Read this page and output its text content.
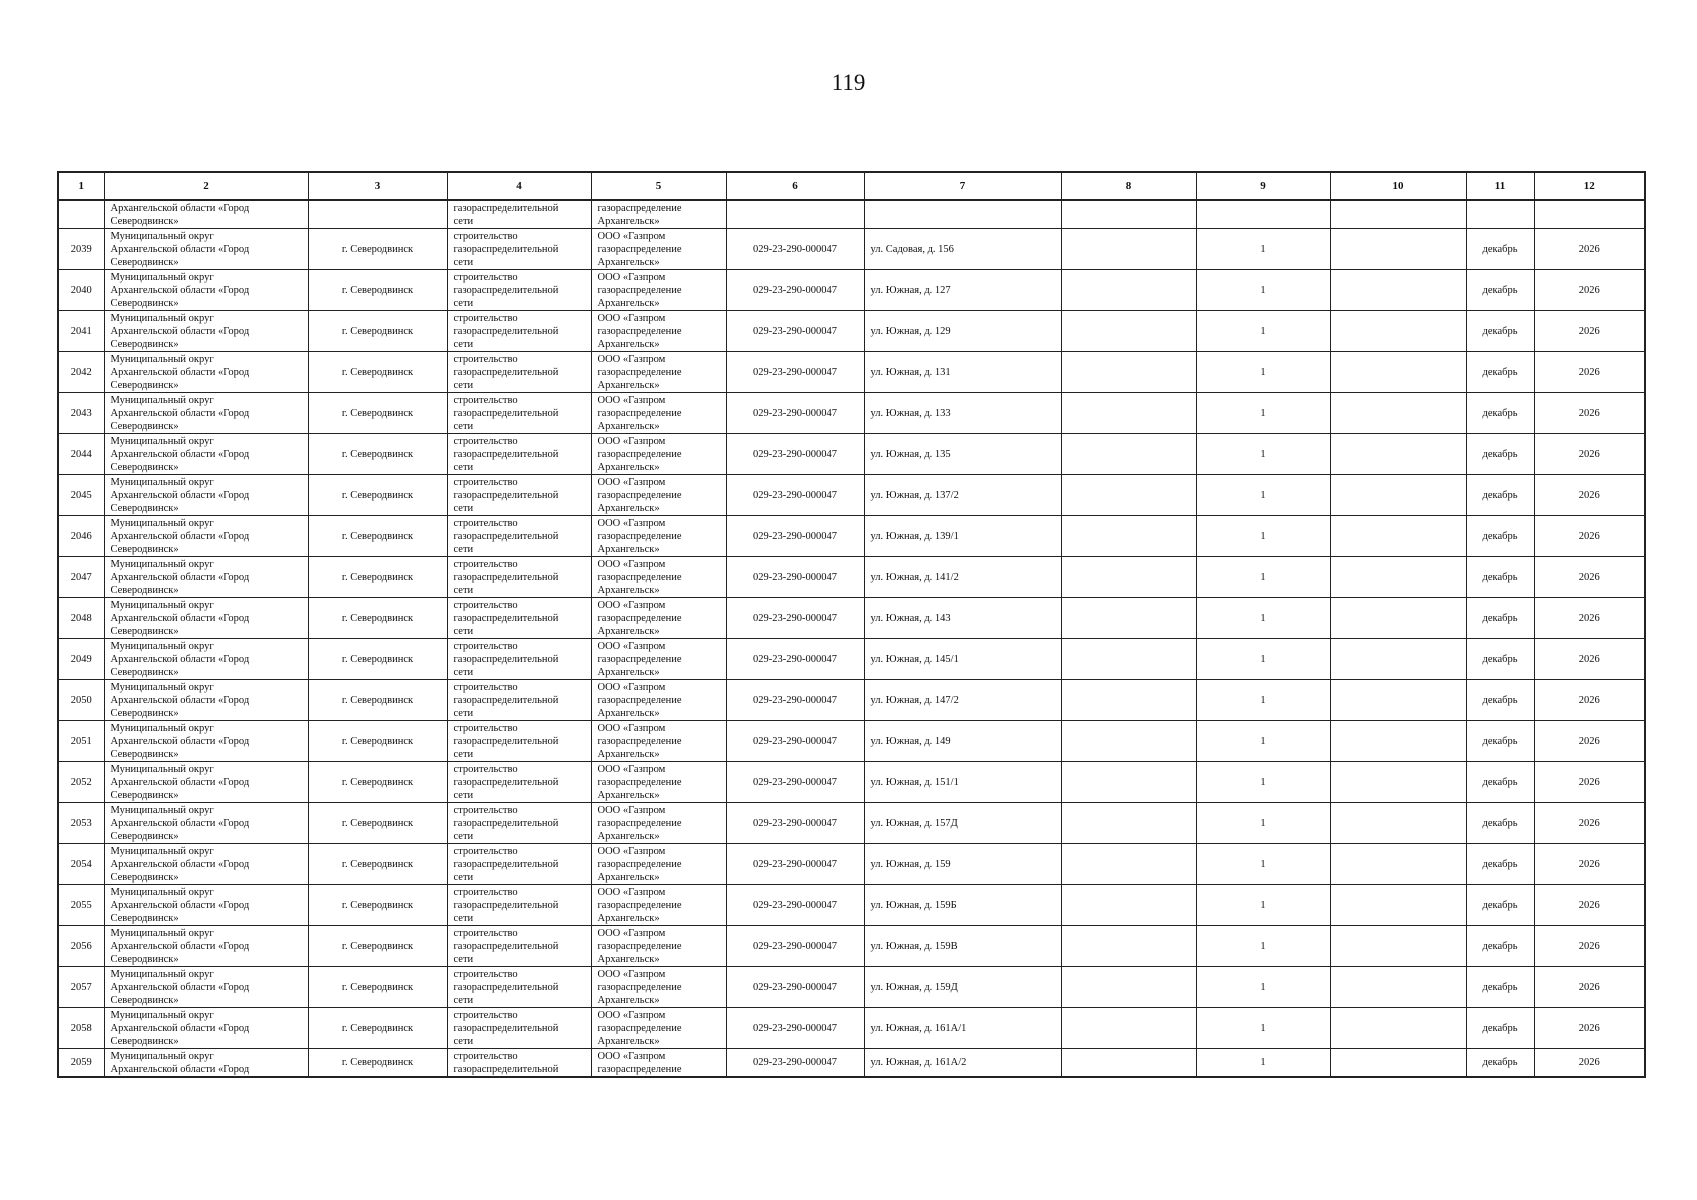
119
1	2	3	4	5	6	7	8	9	10	11	12

	Архангельской области «Город
Северодвинск»		газораспределительной
сети	газораспределение
Архангельск»							

2039	Муниципальный округ
Архангельской области «Город
Северодвинск»	г. Северодвинск	строительство
газораспределительной
сети	ООО «Газпром
газораспределение
Архангельск»	029-23-290-000047	ул. Садовая, д. 156		1		декабрь	2026
2040	Муниципальный округ
Архангельской области «Город
Северодвинск»	г. Северодвинск	строительство
газораспределительной
сети	ООО «Газпром
газораспределение
Архангельск»	029-23-290-000047	ул. Южная, д. 127		1		декабрь	2026
2041	Муниципальный округ
Архангельской области «Город
Северодвинск»	г. Северодвинск	строительство
газораспределительной
сети	ООО «Газпром
газораспределение
Архангельск»	029-23-290-000047	ул. Южная, д. 129		1		декабрь	2026
2042	Муниципальный округ
Архангельской области «Город
Северодвинск»	г. Северодвинск	строительство
газораспределительной
сети	ООО «Газпром
газораспределение
Архангельск»	029-23-290-000047	ул. Южная, д. 131		1		декабрь	2026
2043	Муниципальный округ
Архангельской области «Город
Северодвинск»	г. Северодвинск	строительство
газораспределительной
сети	ООО «Газпром
газораспределение
Архангельск»	029-23-290-000047	ул. Южная, д. 133		1		декабрь	2026
2044	Муниципальный округ
Архангельской области «Город
Северодвинск»	г. Северодвинск	строительство
газораспределительной
сети	ООО «Газпром
газораспределение
Архангельск»	029-23-290-000047	ул. Южная, д. 135		1		декабрь	2026
2045	Муниципальный округ
Архангельской области «Город
Северодвинск»	г. Северодвинск	строительство
газораспределительной
сети	ООО «Газпром
газораспределение
Архангельск»	029-23-290-000047	ул. Южная, д. 137/2		1		декабрь	2026
2046	Муниципальный округ
Архангельской области «Город
Северодвинск»	г. Северодвинск	строительство
газораспределительной
сети	ООО «Газпром
газораспределение
Архангельск»	029-23-290-000047	ул. Южная, д. 139/1		1		декабрь	2026
2047	Муниципальный округ
Архангельской области «Город
Северодвинск»	г. Северодвинск	строительство
газораспределительной
сети	ООО «Газпром
газораспределение
Архангельск»	029-23-290-000047	ул. Южная, д. 141/2		1		декабрь	2026
2048	Муниципальный округ
Архангельской области «Город
Северодвинск»	г. Северодвинск	строительство
газораспределительной
сети	ООО «Газпром
газораспределение
Архангельск»	029-23-290-000047	ул. Южная, д. 143		1		декабрь	2026
2049	Муниципальный округ
Архангельской области «Город
Северодвинск»	г. Северодвинск	строительство
газораспределительной
сети	ООО «Газпром
газораспределение
Архангельск»	029-23-290-000047	ул. Южная, д. 145/1		1		декабрь	2026
2050	Муниципальный округ
Архангельской области «Город
Северодвинск»	г. Северодвинск	строительство
газораспределительной
сети	ООО «Газпром
газораспределение
Архангельск»	029-23-290-000047	ул. Южная, д. 147/2		1		декабрь	2026
2051	Муниципальный округ
Архангельской области «Город
Северодвинск»	г. Северодвинск	строительство
газораспределительной
сети	ООО «Газпром
газораспределение
Архангельск»	029-23-290-000047	ул. Южная, д. 149		1		декабрь	2026
2052	Муниципальный округ
Архангельской области «Город
Северодвинск»	г. Северодвинск	строительство
газораспределительной
сети	ООО «Газпром
газораспределение
Архангельск»	029-23-290-000047	ул. Южная, д. 151/1		1		декабрь	2026
2053	Муниципальный округ
Архангельской области «Город
Северодвинск»	г. Северодвинск	строительство
газораспределительной
сети	ООО «Газпром
газораспределение
Архангельск»	029-23-290-000047	ул. Южная, д. 157Д		1		декабрь	2026
2054	Муниципальный округ
Архангельской области «Город
Северодвинск»	г. Северодвинск	строительство
газораспределительной
сети	ООО «Газпром
газораспределение
Архангельск»	029-23-290-000047	ул. Южная, д. 159		1		декабрь	2026
2055	Муниципальный округ
Архангельской области «Город
Северодвинск»	г. Северодвинск	строительство
газораспределительной
сети	ООО «Газпром
газораспределение
Архангельск»	029-23-290-000047	ул. Южная, д. 159Б		1		декабрь	2026
2056	Муниципальный округ
Архангельской области «Город
Северодвинск»	г. Северодвинск	строительство
газораспределительной
сети	ООО «Газпром
газораспределение
Архангельск»	029-23-290-000047	ул. Южная, д. 159В		1		декабрь	2026
2057	Муниципальный округ
Архангельской области «Город
Северодвинск»	г. Северодвинск	строительство
газораспределительной
сети	ООО «Газпром
газораспределение
Архангельск»	029-23-290-000047	ул. Южная, д. 159Д		1		декабрь	2026
2058	Муниципальный округ
Архангельской области «Город
Северодвинск»	г. Северодвинск	строительство
газораспределительной
сети	ООО «Газпром
газораспределение
Архангельск»	029-23-290-000047	ул. Южная, д. 161А/1		1		декабрь	2026
2059	Муниципальный округ
Архангельской области «Город	г. Северодвинск	строительство
газораспределительной	ООО «Газпром
газораспределение	029-23-290-000047	ул. Южная, д. 161А/2		1		декабрь	2026
